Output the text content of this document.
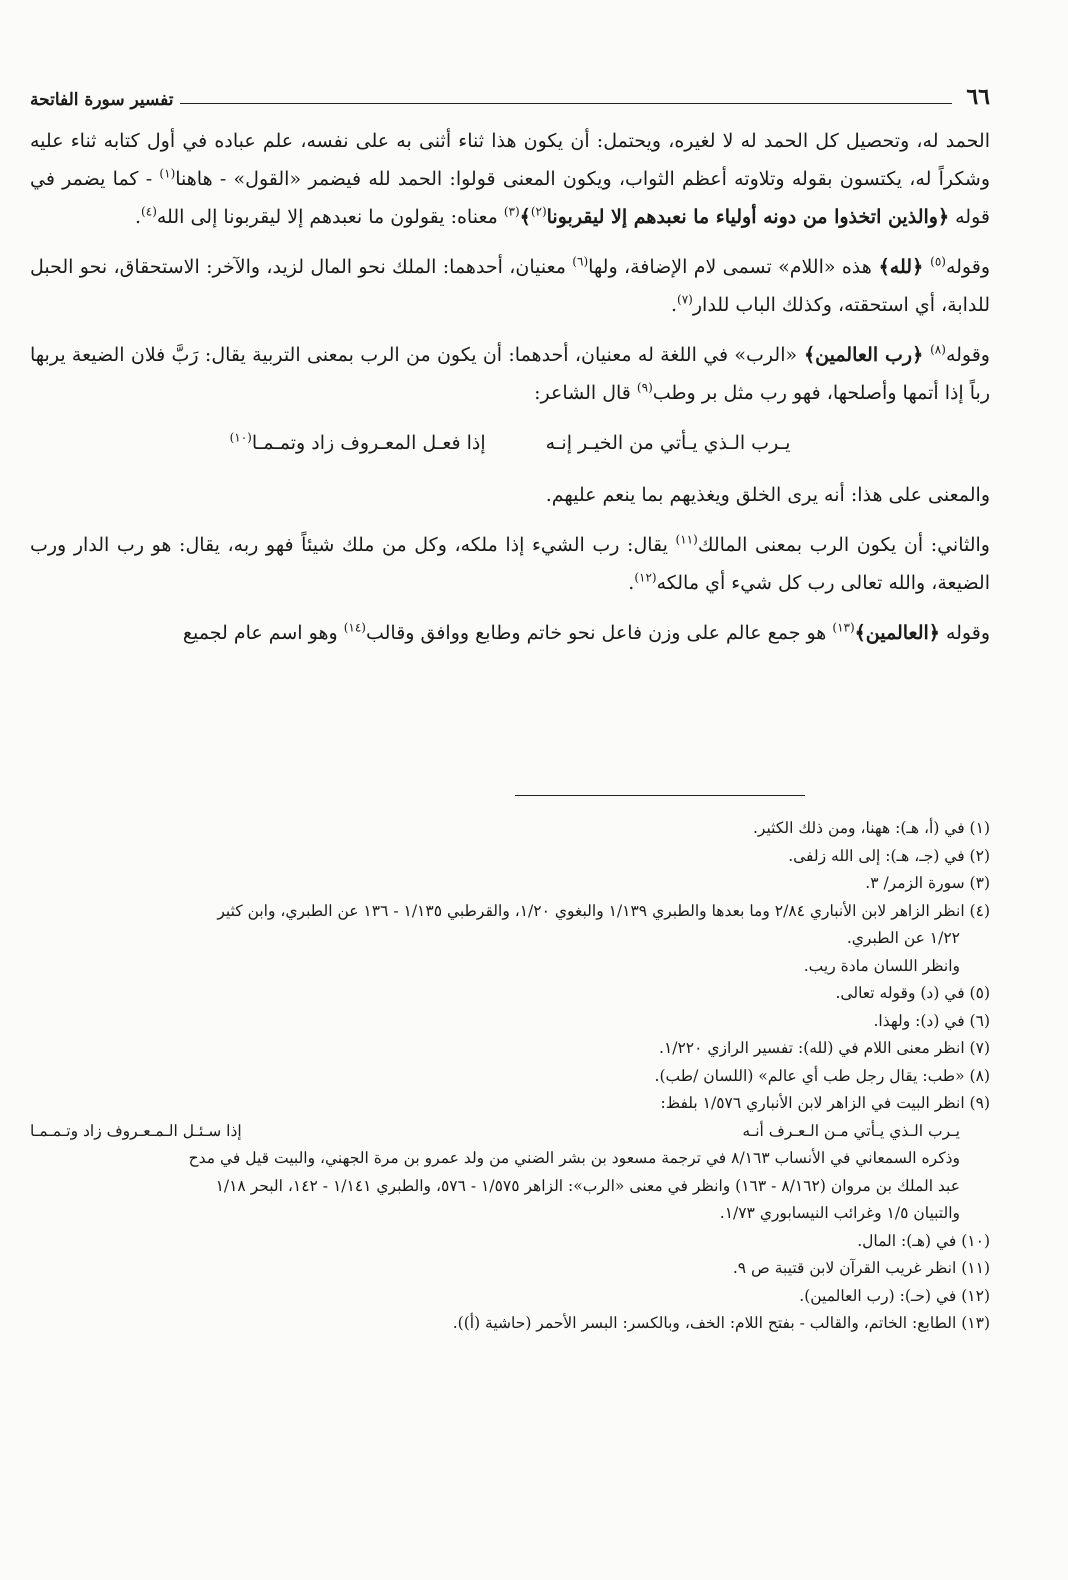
٦٦
تفسير سورة الفاتحة

الحمد له، وتحصيل كل الحمد له لا لغيره، ويحتمل: أن يكون هذا ثناء أثنى به على نفسه، علم عباده في أول كتابه ثناء عليه وشكراً له، يكتسون بقوله وتلاوته أعظم الثواب، ويكون المعنى قولوا: الحمد لله فيضمر «القول» - هاهنا$^{(١)}$ - كما يضمر في قوله ﴿والذين اتخذوا من دونه أولياء ما نعبدهم إلا ليقربونا$^{(٢)}$﴾$^{(٣)}$ معناه: يقولون ما نعبدهم إلا ليقربونا إلى الله$^{(٤)}$.

وقوله$^{(٥)}$ ﴿لله﴾ هذه «اللام» تسمى لام الإضافة، ولها$^{(٦)}$ معنيان، أحدهما: الملك نحو المال لزيد، والآخر: الاستحقاق، نحو الحبل للدابة، أي استحقته، وكذلك الباب للدار$^{(٧)}$.

وقوله$^{(٨)}$ ﴿رب العالمين﴾ «الرب» في اللغة له معنيان، أحدهما: أن يكون من الرب بمعنى التربية يقال: رَبَّ فلان الضيعة يربها رباً إذا أتمها وأصلحها، فهو رب مثل بر وطب$^{(٩)}$ قال الشاعر:

يـرب الـذي يـأتي من الخيـر إنـه
إذا فعـل المعـروف زاد وتمـمـا$^{(١٠)}$

والمعنى على هذا: أنه يرى الخلق ويغذيهم بما ينعم عليهم.

والثاني: أن يكون الرب بمعنى المالك$^{(١١)}$ يقال: رب الشيء إذا ملكه، وكل من ملك شيئاً فهو ربه، يقال: هو رب الدار ورب الضيعة، والله تعالى رب كل شيء أي مالكه$^{(١٢)}$.

وقوله ﴿العالمين﴾$^{(١٣)}$ هو جمع عالم على وزن فاعل نحو خاتم وطابع ووافق وقالب$^{(١٤)}$ وهو اسم عام لجميع

(١) في (أ، هـ): ههنا، ومن ذلك الكثير.

(٢) في (جـ، هـ): إلى الله زلفى.

(٣) سورة الزمر/ ٣.

(٤) انظر الزاهر لابن الأنباري ٢/٨٤ وما بعدها والطبري ١/١٣٩ والبغوي ١/٢٠، والقرطبي ١/١٣٥ - ١٣٦ عن الطبري، وابن كثير

١/٢٢ عن الطبري.

وانظر اللسان مادة ريب.

(٥) في (د) وقوله تعالى.

(٦) في (د): ولهذا.

(٧) انظر معنى اللام في (لله): تفسير الرازي ١/٢٢٠.

(٨) «طب: يقال رجل طب أي عالم» (اللسان /طب).

(٩) انظر البيت في الزاهر لابن الأنباري ١/٥٧٦ بلفظ:

يـرب الـذي يـأتي مـن الـعـرف أنـه
إذا سـئـل الـمـعـروف زاد وتـمـمـا

وذكره السمعاني في الأنساب ٨/١٦٣ في ترجمة مسعود بن بشر الضني من ولد عمرو بن مرة الجهني، والبيت قيل في مدح

عبد الملك بن مروان (٨/١٦٢ - ١٦٣) وانظر في معنى «الرب»: الزاهر ١/٥٧٥ - ٥٧٦، والطبري ١/١٤١ - ١٤٢، البحر ١/١٨

والتبيان ١/٥ وغرائب النيسابوري ١/٧٣.

(١٠) في (هـ): المال.

(١١) انظر غريب القرآن لابن قتيبة ص ٩.

(١٢) في (حـ): (رب العالمين).

(١٣) الطابع: الخاتم، والقالب - بفتح اللام: الخف، وبالكسر: البسر الأحمر (حاشية (أ)).
